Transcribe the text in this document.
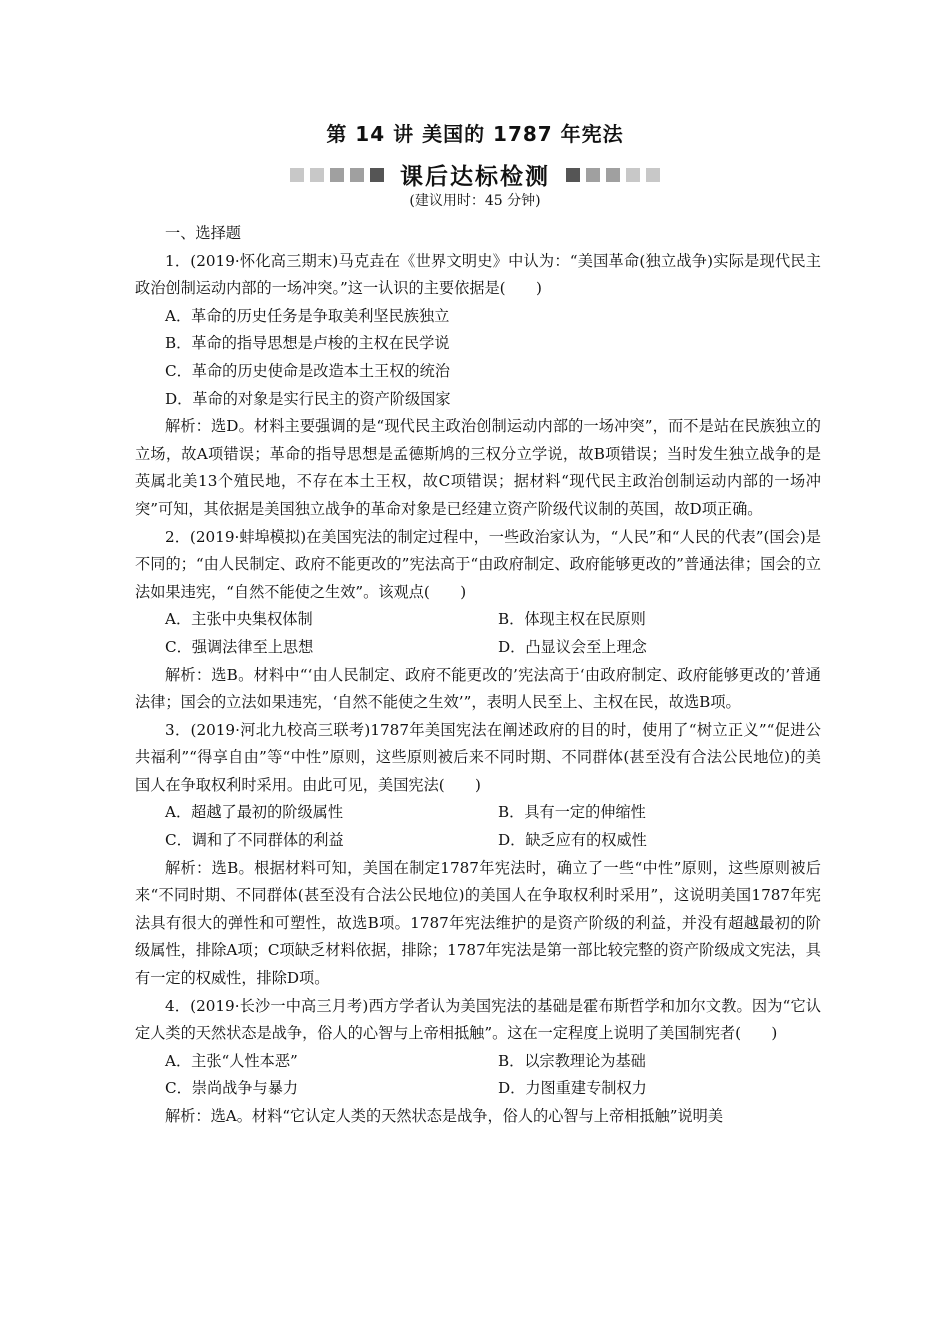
第 14 讲 美国的 1787 年宪法
课后达标检测
(建议用时：45 分钟)

一、选择题

1．(2019·怀化高三期末)马克垚在《世界文明史》中认为：“美国革命(独立战争)实际是现代民主政治创制运动内部的一场冲突。”这一认识的主要依据是(　　)

A．革命的历史任务是争取美利坚民族独立

B．革命的指导思想是卢梭的主权在民学说

C．革命的历史使命是改造本土王权的统治

D．革命的对象是实行民主的资产阶级国家

解析：选D。材料主要强调的是“现代民主政治创制运动内部的一场冲突”，而不是站在民族独立的立场，故A项错误；革命的指导思想是孟德斯鸠的三权分立学说，故B项错误；当时发生独立战争的是英属北美13个殖民地，不存在本土王权，故C项错误；据材料“现代民主政治创制运动内部的一场冲突”可知，其依据是美国独立战争的革命对象是已经建立资产阶级代议制的英国，故D项正确。

2．(2019·蚌埠模拟)在美国宪法的制定过程中，一些政治家认为，“人民”和“人民的代表”(国会)是不同的；“由人民制定、政府不能更改的”宪法高于“由政府制定、政府能够更改的”普通法律；国会的立法如果违宪，“自然不能使之生效”。该观点(　　)

A．主张中央集权体制	B．体现主权在民原则

C．强调法律至上思想	D．凸显议会至上理念

解析：选B。材料中“‘由人民制定、政府不能更改的’宪法高于‘由政府制定、政府能够更改的’普通法律；国会的立法如果违宪，‘自然不能使之生效’”，表明人民至上、主权在民，故选B项。

3．(2019·河北九校高三联考)1787年美国宪法在阐述政府的目的时，使用了“树立正义”“促进公共福利”“得享自由”等“中性”原则，这些原则被后来不同时期、不同群体(甚至没有合法公民地位)的美国人在争取权利时采用。由此可见，美国宪法(　　)

A．超越了最初的阶级属性	B．具有一定的伸缩性

C．调和了不同群体的利益	D．缺乏应有的权威性

解析：选B。根据材料可知，美国在制定1787年宪法时，确立了一些“中性”原则，这些原则被后来“不同时期、不同群体(甚至没有合法公民地位)的美国人在争取权利时采用”，这说明美国1787年宪法具有很大的弹性和可塑性，故选B项。1787年宪法维护的是资产阶级的利益，并没有超越最初的阶级属性，排除A项；C项缺乏材料依据，排除；1787年宪法是第一部比较完整的资产阶级成文宪法，具有一定的权威性，排除D项。

4．(2019·长沙一中高三月考)西方学者认为美国宪法的基础是霍布斯哲学和加尔文教。因为“它认定人类的天然状态是战争，俗人的心智与上帝相抵触”。这在一定程度上说明了美国制宪者(　　)

A．主张“人性本恶”	B．以宗教理论为基础

C．崇尚战争与暴力	D．力图重建专制权力

解析：选A。材料“它认定人类的天然状态是战争，俗人的心智与上帝相抵触”说明美
